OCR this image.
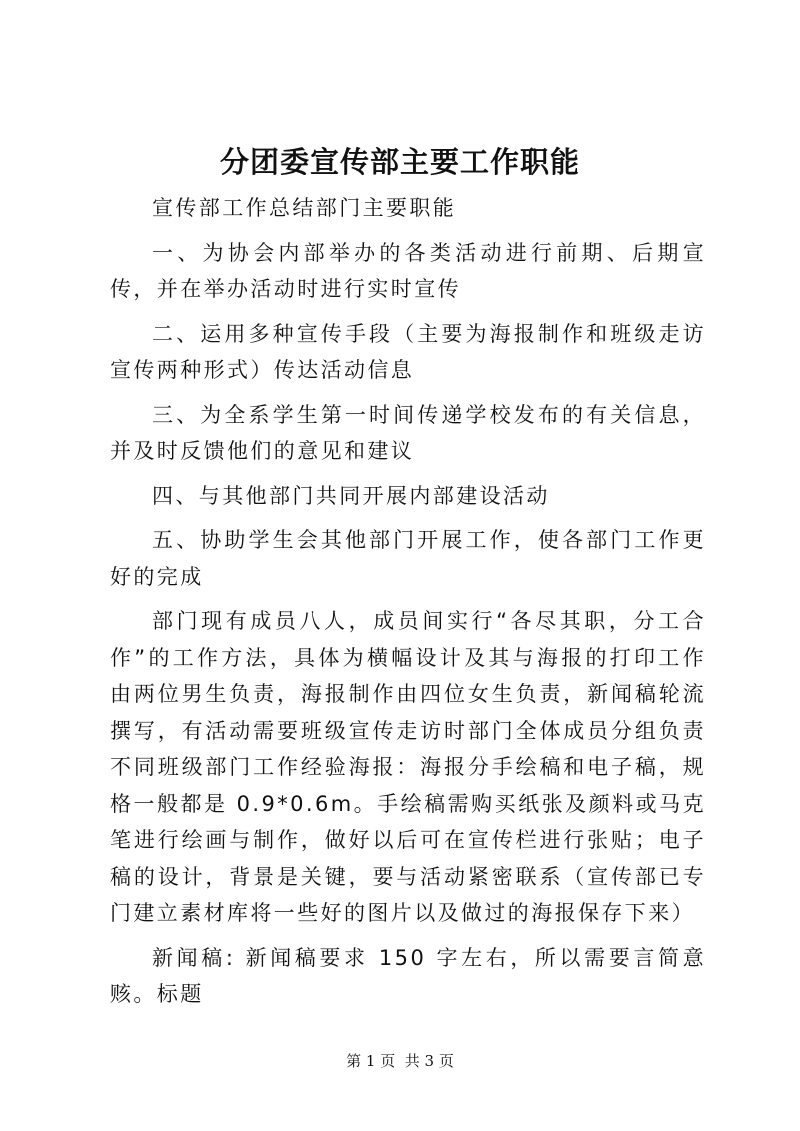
分团委宣传部主要工作职能

宣传部工作总结部门主要职能

一、为协会内部举办的各类活动进行前期、后期宣传，并在举办活动时进行实时宣传

二、运用多种宣传手段（主要为海报制作和班级走访宣传两种形式）传达活动信息

三、为全系学生第一时间传递学校发布的有关信息，并及时反馈他们的意见和建议

四、与其他部门共同开展内部建设活动

五、协助学生会其他部门开展工作，使各部门工作更好的完成

部门现有成员八人，成员间实行“各尽其职，分工合作”的工作方法，具体为横幅设计及其与海报的打印工作由两位男生负责，海报制作由四位女生负责，新闻稿轮流撰写，有活动需要班级宣传走访时部门全体成员分组负责不同班级部门工作经验海报：海报分手绘稿和电子稿，规格一般都是 0.9*0.6m。手绘稿需购买纸张及颜料或马克笔进行绘画与制作，做好以后可在宣传栏进行张贴；电子稿的设计，背景是关键，要与活动紧密联系（宣传部已专门建立素材库将一些好的图片以及做过的海报保存下来）

新闻稿: 新闻稿要求 150 字左右，所以需要言简意赅。标题

第 1 页  共 3 页
